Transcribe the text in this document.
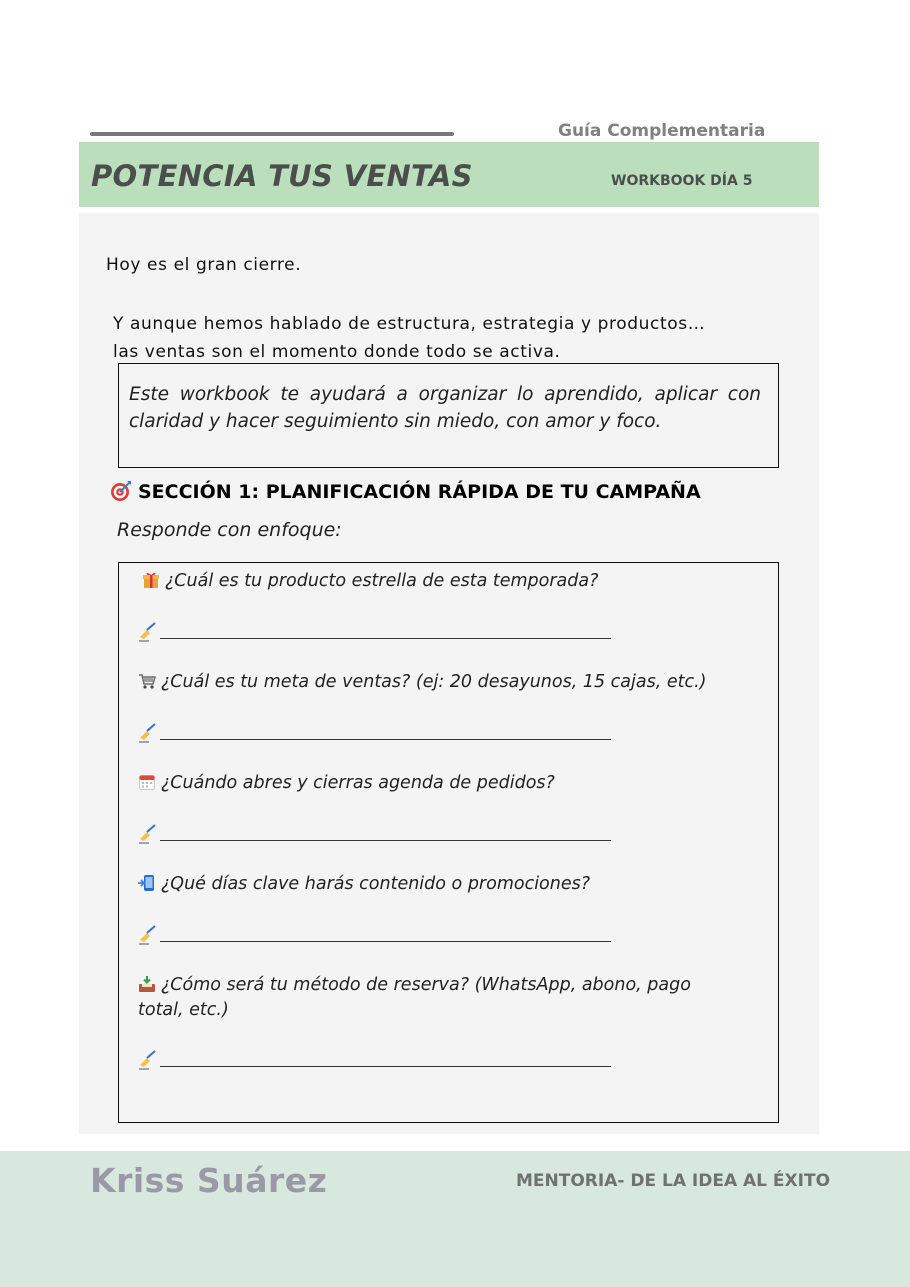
Guía Complementaria
POTENCIA TUS VENTAS	WORKBOOK DÍA 5
Hoy es el gran cierre.
Y aunque hemos hablado de estructura, estrategia y productos…
las ventas son el momento donde todo se activa.
Este workbook te ayudará a organizar lo aprendido, aplicar con claridad y hacer seguimiento sin miedo, con amor y foco.
SECCIÓN 1: PLANIFICACIÓN RÁPIDA DE TU CAMPAÑA
Responde con enfoque:
¿Cuál es tu producto estrella de esta temporada?
¿Cuál es tu meta de ventas? (ej: 20 desayunos, 15 cajas, etc.)
¿Cuándo abres y cierras agenda de pedidos?
¿Qué días clave harás contenido o promociones?
¿Cómo será tu método de reserva? (WhatsApp, abono, pago
total, etc.)
Kriss Suárez	MENTORIA- DE LA IDEA AL ÉXITO
